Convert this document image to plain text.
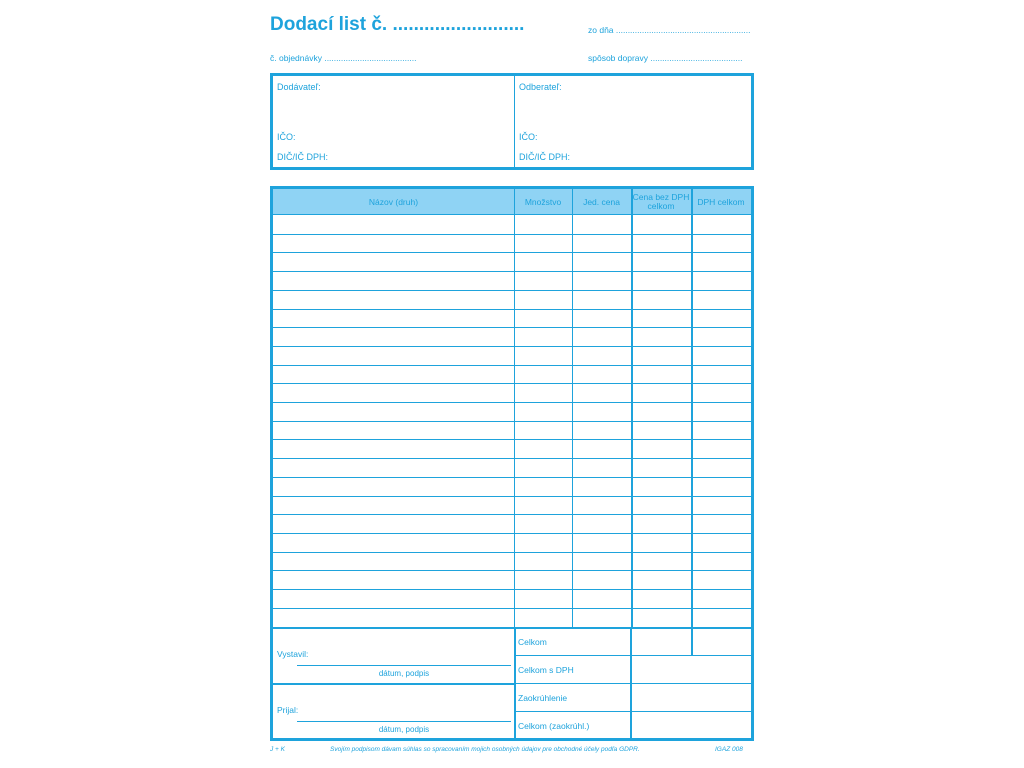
Dodací list č. .........................	zo dňa .........................................................
č. objednávky .......................................	spôsob dopravy .......................................
Dodávateľ:
IČO:
DIČ/IČ DPH:
Odberateľ:
IČO:
DIČ/IČ DPH:
Názov (druh)	Množstvo	Jed. cena	Cena bez DPH celkom	DPH celkom
Celkom
Celkom s DPH
Zaokrúhlenie
Celkom (zaokrúhl.)
Vystavil:
dátum, podpis
Prijal:
dátum, podpis
J + K	Svojím podpisom dávam súhlas so spracovaním mojich osobných údajov pre obchodné účely podľa GDPR.	IGAZ 008
